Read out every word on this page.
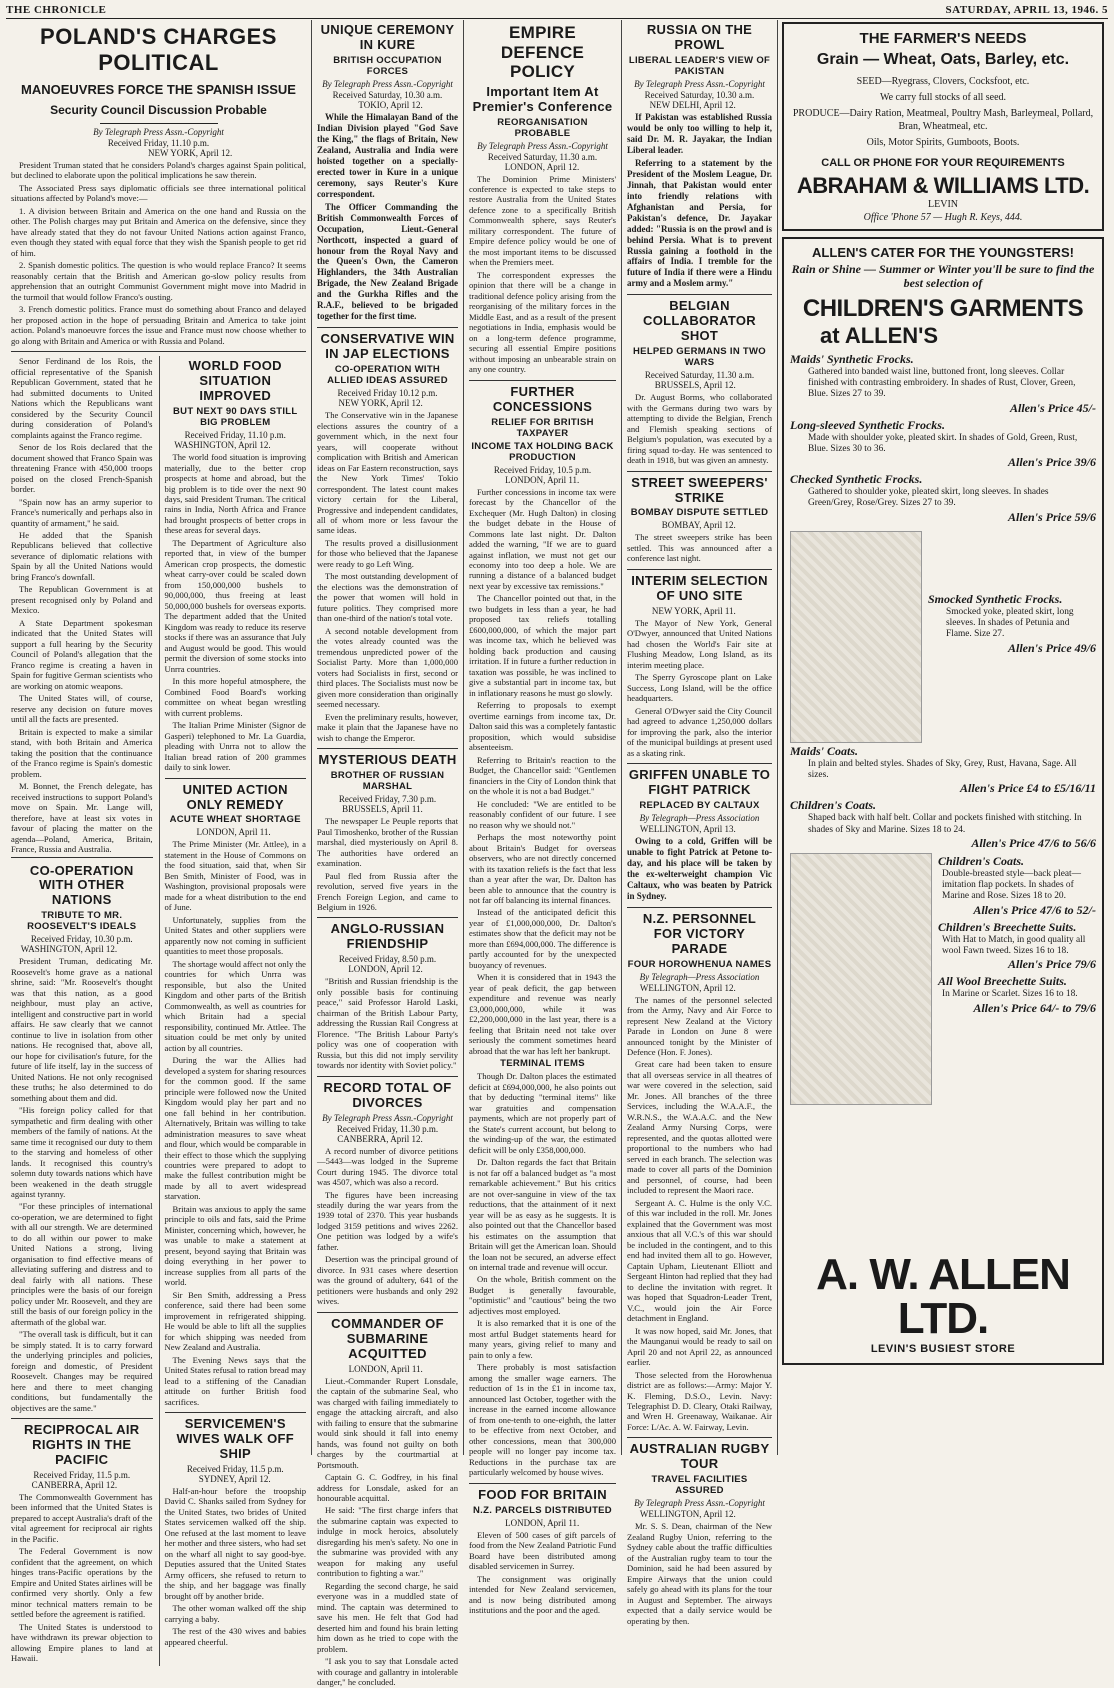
THE CHRONICLE	SATURDAY, APRIL 13, 1946. 5
POLAND'S CHARGES POLITICAL
MANOEUVRES FORCE THE SPANISH ISSUE
Security Council Discussion Probable

By Telegraph Press Assn.-Copyright

Received Friday, 11.10 p.m.

NEW YORK, April 12.

President Truman stated that he considers Poland's charges against Spain political, but declined to elaborate upon the political implications he saw therein.

The Associated Press says diplomatic officials see three international political situations affected by Poland's move:—

1. A division between Britain and America on the one hand and Russia on the other. The Polish charges may put Britain and America on the defensive, since they have already stated that they do not favour United Nations action against Franco, even though they stated with equal force that they wish the Spanish people to get rid of him.

2. Spanish domestic politics. The question is who would replace Franco? It seems reasonably certain that the British and American go-slow policy results from apprehension that an outright Communist Government might move into Madrid in the turmoil that would follow Franco's ousting.

3. French domestic politics. France must do something about Franco and delayed her proposed action in the hope of persuading Britain and America to take joint action. Poland's manoeuvre forces the issue and France must now choose whether to go along with Britain and America or with Russia and Poland.

Senor Ferdinand de los Rois, the official representative of the Spanish Republican Government, stated that he had submitted documents to United Nations which the Republicans want considered by the Security Council during consideration of Poland's complaints against the Franco regime.

Senor de los Rois declared that the document showed that Franco Spain was threatening France with 450,000 troops poised on the closed French-Spanish border.

"Spain now has an army superior to France's numerically and perhaps also in quantity of armament," he said.

He added that the Spanish Republicans believed that collective severance of diplomatic relations with Spain by all the United Nations would bring Franco's downfall.

The Republican Government is at present recognised only by Poland and Mexico.

A State Department spokesman indicated that the United States will support a full hearing by the Security Council of Poland's allegation that the Franco regime is creating a haven in Spain for fugitive German scientists who are working on atomic weapons.

The United States will, of course, reserve any decision on future moves until all the facts are presented.

Britain is expected to make a similar stand, with both Britain and America taking the position that the continuance of the Franco regime is Spain's domestic problem.

M. Bonnet, the French delegate, has received instructions to support Poland's move on Spain. Mr. Lange will, therefore, have at least six votes in favour of placing the matter on the agenda—Poland, America, Britain, France, Russia and Australia.

CO-OPERATION WITH OTHER NATIONS
TRIBUTE TO MR. ROOSEVELT'S IDEALS

Received Friday, 10.30 p.m.

WASHINGTON, April 12.

President Truman, dedicating Mr. Roosevelt's home grave as a national shrine, said: "Mr. Roosevelt's thought was that this nation, as a good neighbour, must play an active, intelligent and constructive part in world affairs. He saw clearly that we cannot continue to live in isolation from other nations. He recognised that, above all, our hope for civilisation's future, for the future of life itself, lay in the success of United Nations. He not only recognised these truths; he also determined to do something about them and did.

"His foreign policy called for that sympathetic and firm dealing with other members of the family of nations. At the same time it recognised our duty to them to the starving and homeless of other lands. It recognised this country's solemn duty towards nations which have been weakened in the death struggle against tyranny.

"For these principles of international co-operation, we are determined to fight with all our strength. We are determined to do all within our power to make United Nations a strong, living organisation to find effective means of alleviating suffering and distress and to deal fairly with all nations. These principles were the basis of our foreign policy under Mr. Roosevelt, and they are still the basis of our foreign policy in the aftermath of the global war.

"The overall task is difficult, but it can be simply stated. It is to carry forward the underlying principles and policies, foreign and domestic, of President Roosevelt. Changes may be required here and there to meet changing conditions, but fundamentally the objectives are the same."

RECIPROCAL AIR RIGHTS IN THE PACIFIC

Received Friday, 11.5 p.m.

CANBERRA, April 12.

The Commonwealth Government has been informed that the United States is prepared to accept Australia's draft of the vital agreement for reciprocal air rights in the Pacific.

The Federal Government is now confident that the agreement, on which hinges trans-Pacific operations by the Empire and United States airlines will be confirmed very shortly. Only a few minor technical matters remain to be settled before the agreement is ratified.

The United States is understood to have withdrawn its prewar objection to allowing Empire planes to land at Hawaii.

WORLD FOOD SITUATION IMPROVED
BUT NEXT 90 DAYS STILL BIG PROBLEM

Received Friday, 11.10 p.m.

WASHINGTON, April 12.

The world food situation is improving materially, due to the better crop prospects at home and abroad, but the big problem is to tide over the next 90 days, said President Truman. The critical rains in India, North Africa and France had brought prospects of better crops in these areas for several days.

The Department of Agriculture also reported that, in view of the bumper American crop prospects, the domestic wheat carry-over could be scaled down from 150,000,000 bushels to 90,000,000, thus freeing at least 50,000,000 bushels for overseas exports. The department added that the United Kingdom was ready to reduce its reserve stocks if there was an assurance that July and August would be good. This would permit the diversion of some stocks into Unrra countries.

In this more hopeful atmosphere, the Combined Food Board's working committee on wheat began wrestling with current problems.

The Italian Prime Minister (Signor de Gasperi) telephoned to Mr. La Guardia, pleading with Unrra not to allow the Italian bread ration of 200 grammes daily to sink lower.

UNITED ACTION ONLY REMEDY
ACUTE WHEAT SHORTAGE

LONDON, April 11.

The Prime Minister (Mr. Attlee), in a statement in the House of Commons on the food situation, said that, when Sir Ben Smith, Minister of Food, was in Washington, provisional proposals were made for a wheat distribution to the end of June.

Unfortunately, supplies from the United States and other suppliers were apparently now not coming in sufficient quantities to meet those proposals.

The shortage would affect not only the countries for which Unrra was responsible, but also the United Kingdom and other parts of the British Commonwealth, as well as countries for which Britain had a special responsibility, continued Mr. Attlee. The situation could be met only by united action by all countries.

During the war the Allies had developed a system for sharing resources for the common good. If the same principle were followed now the United Kingdom would play her part and no one fall behind in her contribution. Alternatively, Britain was willing to take administration measures to save wheat and flour, which would be comparable in their effect to those which the supplying countries were prepared to adopt to make the fullest contribution might be made by all to avert widespread starvation.

Britain was anxious to apply the same principle to oils and fats, said the Prime Minister, concerning which, however, he was unable to make a statement at present, beyond saying that Britain was doing everything in her power to increase supplies from all parts of the world.

Sir Ben Smith, addressing a Press conference, said there had been some improvement in refrigerated shipping. He would be able to lift all the supplies for which shipping was needed from New Zealand and Australia.

The Evening News says that the United States refusal to ration bread may lead to a stiffening of the Canadian attitude on further British food sacrifices.

SERVICEMEN'S WIVES WALK OFF SHIP

Received Friday, 11.5 p.m.

SYDNEY, April 12.

Half-an-hour before the troopship David C. Shanks sailed from Sydney for the United States, two brides of United States servicemen walked off the ship. One refused at the last moment to leave her mother and three sisters, who had set on the wharf all night to say good-bye. Deputies assured that the United States Army officers, she refused to return to the ship, and her baggage was finally brought off by another bride.

The other woman walked off the ship carrying a baby.

The rest of the 430 wives and babies appeared cheerful.

UNIQUE CEREMONY IN KURE
BRITISH OCCUPATION FORCES

By Telegraph Press Assn.-Copyright

Received Saturday, 10.30 a.m.

TOKIO, April 12.

While the Himalayan Band of the Indian Division played "God Save the King," the flags of Britain, New Zealand, Australia and India were hoisted together on a specially-erected tower in Kure in a unique ceremony, says Reuter's Kure correspondent.

The Officer Commanding the British Commonwealth Forces of Occupation, Lieut.-General Northcott, inspected a guard of honour from the Royal Navy and the Queen's Own, the Cameron Highlanders, the 34th Australian Brigade, the New Zealand Brigade and the Gurkha Rifles and the R.A.F., believed to be brigaded together for the first time.

CONSERVATIVE WIN IN JAP ELECTIONS
CO-OPERATION WITH ALLIED IDEAS ASSURED

Received Friday 10.12 p.m.

NEW YORK, April 12.

The Conservative win in the Japanese elections assures the country of a government which, in the next four years, will cooperate without complication with British and American ideas on Far Eastern reconstruction, says the New York Times' Tokio correspondent. The latest count makes victory certain for the Liberal, Progressive and independent candidates, all of whom more or less favour the same ideas.

The results proved a disillusionment for those who believed that the Japanese were ready to go Left Wing.

The most outstanding development of the elections was the demonstration of the power that women will hold in future politics. They comprised more than one-third of the nation's total vote.

A second notable development from the votes already counted was the tremendous unpredicted power of the Socialist Party. More than 1,000,000 voters had Socialists in first, second or third places. The Socialists must now be given more consideration than originally seemed necessary.

Even the preliminary results, however, make it plain that the Japanese have no wish to change the Emperor.

MYSTERIOUS DEATH
BROTHER OF RUSSIAN MARSHAL

Received Friday, 7.30 p.m.

BRUSSELS, April 11.

The newspaper Le Peuple reports that Paul Timoshenko, brother of the Russian marshal, died mysteriously on April 8. The authorities have ordered an examination.

Paul fled from Russia after the revolution, served five years in the French Foreign Legion, and came to Belgium in 1926.

ANGLO-RUSSIAN FRIENDSHIP

Received Friday, 8.50 p.m.

LONDON, April 12.

"British and Russian friendship is the only possible basis for continuing peace," said Professor Harold Laski, chairman of the British Labour Party, addressing the Russian Rail Congress at Florence. "The British Labour Party's policy was one of cooperation with Russia, but this did not imply servility towards nor identity with Soviet policy."

RECORD TOTAL OF DIVORCES

By Telegraph Press Assn.-Copyright

Received Friday, 11.30 p.m.

CANBERRA, April 12.

A record number of divorce petitions—5443—was lodged in the Supreme Court during 1945. The divorce total was 4507, which was also a record.

The figures have been increasing steadily during the war years from the 1939 total of 2370. This year husbands lodged 3159 petitions and wives 2262. One petition was lodged by a wife's father.

Desertion was the principal ground of divorce. In 931 cases where desertion was the ground of adultery, 641 of the petitioners were husbands and only 292 wives.

COMMANDER OF SUBMARINE ACQUITTED

LONDON, April 11.

Lieut.-Commander Rupert Lonsdale, the captain of the submarine Seal, who was charged with failing immediately to engage the attacking aircraft, and also with failing to ensure that the submarine would sink should it fall into enemy hands, was found not guilty on both charges by the courtmartial at Portsmouth.

Captain G. C. Godfrey, in his final address for Lonsdale, asked for an honourable acquittal.

He said: "The first charge infers that the submarine captain was expected to indulge in mock heroics, absolutely disregarding his men's safety. No one in the submarine was provided with any weapon for making any useful contribution to fighting a war."

Regarding the second charge, he said everyone was in a muddled state of mind. The captain was determined to save his men. He felt that God had deserted him and found his brain letting him down as he tried to cope with the problem.

"I ask you to say that Lonsdale acted with courage and gallantry in intolerable danger," he concluded.

EMPIRE DEFENCE POLICY
Important Item At Premier's Conference
REORGANISATION PROBABLE

By Telegraph Press Assn.-Copyright

Received Saturday, 11.30 a.m.

LONDON, April 12.

The Dominion Prime Ministers' conference is expected to take steps to restore Australia from the United States defence zone to a specifically British Commonwealth sphere, says Reuter's military correspondent. The future of Empire defence policy would be one of the most important items to be discussed when the Premiers meet.

The correspondent expresses the opinion that there will be a change in traditional defence policy arising from the reorganising of the military forces in the Middle East, and as a result of the present negotiations in India, emphasis would be on a long-term defence programme, securing all essential Empire positions without imposing an unbearable strain on any one country.

FURTHER CONCESSIONS
RELIEF FOR BRITISH TAXPAYER
INCOME TAX HOLDING BACK PRODUCTION

Received Friday, 10.5 p.m.

LONDON, April 11.

Further concessions in income tax were forecast by the Chancellor of the Exchequer (Mr. Hugh Dalton) in closing the budget debate in the House of Commons late last night. Dr. Dalton added the warning, "If we are to guard against inflation, we must not get our economy into too deep a hole. We are running a distance of a balanced budget next year by excessive tax remissions."

The Chancellor pointed out that, in the two budgets in less than a year, he had proposed tax reliefs totalling £600,000,000, of which the major part was income tax, which he believed was holding back production and causing irritation. If in future a further reduction in taxation was possible, he was inclined to give a substantial part in income tax, but in inflationary reasons he must go slowly.

Referring to proposals to exempt overtime earnings from income tax, Dr. Dalton said this was a completely fantastic proposition, which would subsidise absenteeism.

Referring to Britain's reaction to the Budget, the Chancellor said: "Gentlemen financiers in the City of London think that on the whole it is not a bad Budget."

He concluded: "We are entitled to be reasonably confident of our future. I see no reason why we should not."

Perhaps the most noteworthy point about Britain's Budget for overseas observers, who are not directly concerned with its taxation reliefs is the fact that less than a year after the war, Dr. Dalton has been able to announce that the country is not far off balancing its internal finances.

Instead of the anticipated deficit this year of £1,000,000,000, Dr. Dalton's estimates show that the deficit may not be more than £694,000,000. The difference is partly accounted for by the unexpected buoyancy of revenues.

When it is considered that in 1943 the year of peak deficit, the gap between expenditure and revenue was nearly £3,000,000,000, while it was £2,200,000,000 in the last year, there is a feeling that Britain need not take over seriously the comment sometimes heard abroad that the war has left her bankrupt.

TERMINAL ITEMS

Though Dr. Dalton places the estimated deficit at £694,000,000, he also points out that by deducting "terminal items" like war gratuities and compensation payments, which are not properly part of the State's current account, but belong to the winding-up of the war, the estimated deficit will be only £358,000,000.

Dr. Dalton regards the fact that Britain is not far off a balanced budget as "a most remarkable achievement." But his critics are not over-sanguine in view of the tax reductions, that the attainment of it next year will be as easy as he suggests. It is also pointed out that the Chancellor based his estimates on the assumption that Britain will get the American loan. Should the loan not be secured, an adverse effect on internal trade and revenue will occur.

On the whole, British comment on the Budget is generally favourable, "optimistic" and "cautious" being the two adjectives most employed.

It is also remarked that it is one of the most artful Budget statements heard for many years, giving relief to many and pain to only a few.

There probably is most satisfaction among the smaller wage earners. The reduction of 1s in the £1 in income tax, announced last October, together with the increase in the earned income allowance of from one-tenth to one-eighth, the latter to be effective from next October, and other concessions, mean that 300,000 people will no longer pay income tax. Reductions in the purchase tax are particularly welcomed by house wives.

FOOD FOR BRITAIN
N.Z. PARCELS DISTRIBUTED

LONDON, April 11.

Eleven of 500 cases of gift parcels of food from the New Zealand Patriotic Fund Board have been distributed among disabled servicemen in Surrey.

The consignment was originally intended for New Zealand servicemen, and is now being distributed among institutions and the poor and the aged.

RUSSIA ON THE PROWL
LIBERAL LEADER'S VIEW OF PAKISTAN

By Telegraph Press Assn.-Copyright

Received Saturday, 10.30 a.m.

NEW DELHI, April 12.

If Pakistan was established Russia would be only too willing to help it, said Dr. M. R. Jayakar, the Indian Liberal leader.

Referring to a statement by the President of the Moslem League, Dr. Jinnah, that Pakistan would enter into friendly relations with Afghanistan and Persia, for Pakistan's defence, Dr. Jayakar added: "Russia is on the prowl and is behind Persia. What is to prevent Russia gaining a foothold in the affairs of India. I tremble for the future of India if there were a Hindu army and a Moslem army."

BELGIAN COLLABORATOR SHOT
HELPED GERMANS IN TWO WARS

Received Saturday, 11.30 a.m.

BRUSSELS, April 12.

Dr. August Borms, who collaborated with the Germans during two wars by attempting to divide the Belgian, French and Flemish speaking sections of Belgium's population, was executed by a firing squad to-day. He was sentenced to death in 1918, but was given an amnesty.

STREET SWEEPERS' STRIKE
BOMBAY DISPUTE SETTLED

BOMBAY, April 12.

The street sweepers strike has been settled. This was announced after a conference last night.

INTERIM SELECTION OF UNO SITE

NEW YORK, April 11.

The Mayor of New York, General O'Dwyer, announced that United Nations had chosen the World's Fair site at Flushing Meadow, Long Island, as its interim meeting place.

The Sperry Gyroscope plant on Lake Success, Long Island, will be the office headquarters.

General O'Dwyer said the City Council had agreed to advance 1,250,000 dollars for improving the park, also the interior of the municipal buildings at present used as a skating rink.

GRIFFEN UNABLE TO FIGHT PATRICK
REPLACED BY CALTAUX

By Telegraph—Press Association

WELLINGTON, April 13.

Owing to a cold, Griffen will be unable to fight Patrick at Petone to-day, and his place will be taken by the ex-welterweight champion Vic Caltaux, who was beaten by Patrick in Sydney.

N.Z. PERSONNEL FOR VICTORY PARADE
FOUR HOROWHENUA NAMES

By Telegraph—Press Association

WELLINGTON, April 12.

The names of the personnel selected from the Army, Navy and Air Force to represent New Zealand at the Victory Parade in London on June 8 were announced tonight by the Minister of Defence (Hon. F. Jones).

Great care had been taken to ensure that all overseas service in all theatres of war were covered in the selection, said Mr. Jones. All branches of the three Services, including the W.A.A.F., the W.R.N.S., the W.A.A.C. and the New Zealand Army Nursing Corps, were represented, and the quotas allotted were proportional to the numbers who had served in each branch. The selection was made to cover all parts of the Dominion and personnel, of course, had been included to represent the Maori race.

Sergeant A. C. Hulme is the only V.C. of this war included in the roll. Mr. Jones explained that the Government was most anxious that all V.C.'s of this war should be included in the contingent, and to this end had invited them all to go. However, Captain Upham, Lieutenant Elliott and Sergeant Hinton had replied that they had to decline the invitation with regret. It was hoped that Squadron-Leader Trent, V.C., would join the Air Force detachment in England.

It was now hoped, said Mr. Jones, that the Maunganui would be ready to sail on April 20 and not April 22, as announced earlier.

Those selected from the Horowhenua district are as follows:—Army: Major Y. K. Fleming, D.S.O., Levin. Navy: Telegraphist D. D. Cleary, Otaki Railway, and Wren H. Greenaway, Waikanae. Air Force: L/Ac. A. W. Fairway, Levin.

AUSTRALIAN RUGBY TOUR
TRAVEL FACILITIES ASSURED

By Telegraph Press Assn.-Copyright

WELLINGTON, April 12.

Mr. S. S. Dean, chairman of the New Zealand Rugby Union, referring to the Sydney cable about the traffic difficulties of the Australian rugby team to tour the Dominion, said he had been assured by Empire Airways that the union could safely go ahead with its plans for the tour in August and September. The airways expected that a daily service would be operating by then.

THE FARMER'S NEEDS
Grain — Wheat, Oats, Barley, etc.

SEED—Ryegrass, Clovers, Cocksfoot, etc.

We carry full stocks of all seed.

PRODUCE—Dairy Ration, Meatmeal, Poultry Mash, Barleymeal, Pollard, Bran, Wheatmeal, etc.

Oils, Motor Spirits, Gumboots, Boots.

CALL OR PHONE FOR YOUR REQUIREMENTS

ABRAHAM & WILLIAMS LTD.

LEVIN

Office 'Phone 57 — Hugh R. Keys, 444.

ALLEN'S CATER FOR THE YOUNGSTERS!
Rain or Shine — Summer or Winter you'll be sure to find the best selection of
CHILDREN'S GARMENTS
at ALLEN'S

Maids' Synthetic Frocks.

Gathered into banded waist line, buttoned front, long sleeves. Collar finished with contrasting embroidery. In shades of Rust, Clover, Green, Blue. Sizes 27 to 39.

Allen's Price 45/-

Long-sleeved Synthetic Frocks.

Made with shoulder yoke, pleated skirt. In shades of Gold, Green, Rust, Blue. Sizes 30 to 36.

Allen's Price 39/6

Checked Synthetic Frocks.

Gathered to shoulder yoke, pleated skirt, long sleeves. In shades Green/Grey, Rose/Grey. Sizes 27 to 39.

Allen's Price 59/6

Smocked Synthetic Frocks.

Smocked yoke, pleated skirt, long sleeves. In shades of Petunia and Flame. Size 27.

Allen's Price 49/6

Maids' Coats.

In plain and belted styles. Shades of Sky, Grey, Rust, Havana, Sage. All sizes.

Allen's Price £4 to £5/16/11

Children's Coats.

Shaped back with half belt. Collar and pockets finished with stitching. In shades of Sky and Marine. Sizes 18 to 24.

Allen's Price 47/6 to 56/6

Children's Coats.

Double-breasted style—back pleat—imitation flap pockets. In shades of Marine and Rose. Sizes 18 to 20.

Allen's Price 47/6 to 52/-

Children's Breechette Suits.

With Hat to Match, in good quality all wool Fawn tweed. Sizes 16 to 18.

Allen's Price 79/6

All Wool Breechette Suits.

In Marine or Scarlet. Sizes 16 to 18.

Allen's Price 64/- to 79/6

A. W. ALLEN LTD.
LEVIN'S BUSIEST STORE
